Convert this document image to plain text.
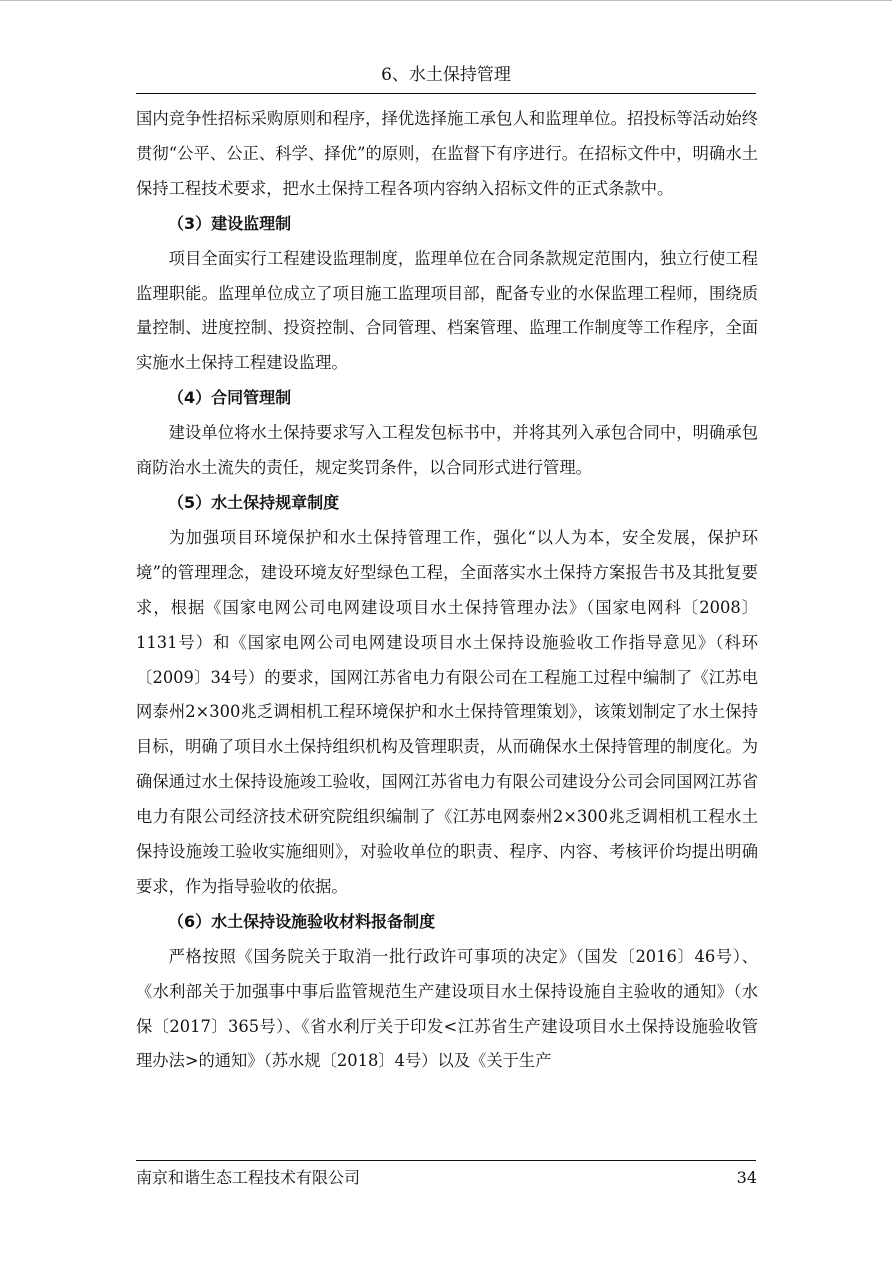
6、水土保持管理

国内竞争性招标采购原则和程序，择优选择施工承包人和监理单位。招投标等活动始终贯彻“公平、公正、科学、择优”的原则，在监督下有序进行。在招标文件中，明确水土保持工程技术要求，把水土保持工程各项内容纳入招标文件的正式条款中。

（3）建设监理制

项目全面实行工程建设监理制度，监理单位在合同条款规定范围内，独立行使工程监理职能。监理单位成立了项目施工监理项目部，配备专业的水保监理工程师，围绕质量控制、进度控制、投资控制、合同管理、档案管理、监理工作制度等工作程序，全面实施水土保持工程建设监理。

（4）合同管理制

建设单位将水土保持要求写入工程发包标书中，并将其列入承包合同中，明确承包商防治水土流失的责任，规定奖罚条件，以合同形式进行管理。

（5）水土保持规章制度

为加强项目环境保护和水土保持管理工作，强化“以人为本，安全发展，保护环境”的管理理念，建设环境友好型绿色工程，全面落实水土保持方案报告书及其批复要求，根据《国家电网公司电网建设项目水土保持管理办法》（国家电网科〔2008〕1131号）和《国家电网公司电网建设项目水土保持设施验收工作指导意见》（科环〔2009〕34号）的要求，国网江苏省电力有限公司在工程施工过程中编制了《江苏电网泰州2×300兆乏调相机工程环境保护和水土保持管理策划》，该策划制定了水土保持目标，明确了项目水土保持组织机构及管理职责，从而确保水土保持管理的制度化。为确保通过水土保持设施竣工验收，国网江苏省电力有限公司建设分公司会同国网江苏省电力有限公司经济技术研究院组织编制了《江苏电网泰州2×300兆乏调相机工程水土保持设施竣工验收实施细则》，对验收单位的职责、程序、内容、考核评价均提出明确要求，作为指导验收的依据。

（6）水土保持设施验收材料报备制度

严格按照《国务院关于取消一批行政许可事项的决定》（国发〔2016〕46号）、《水利部关于加强事中事后监管规范生产建设项目水土保持设施自主验收的通知》（水保〔2017〕365号）、《省水利厅关于印发<江苏省生产建设项目水土保持设施验收管理办法>的通知》（苏水规〔2018〕4号）以及《关于生产

南京和谐生态工程技术有限公司	34
